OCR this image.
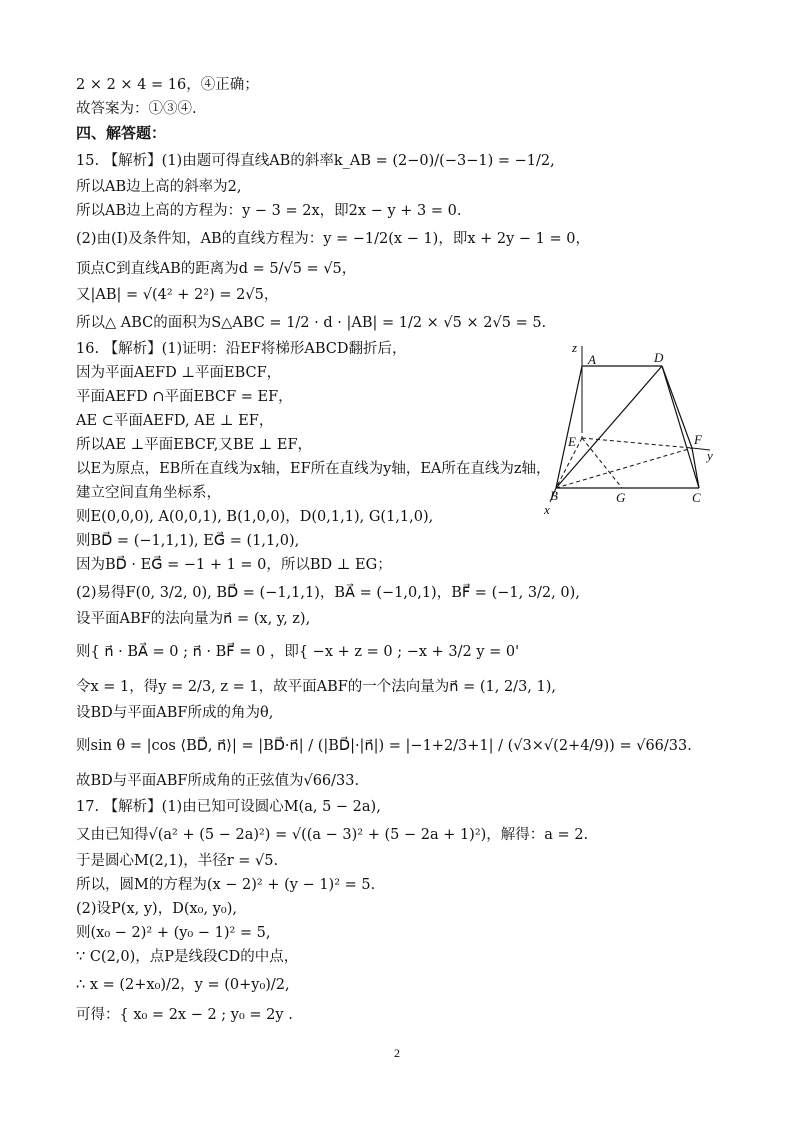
2 × 2 × 4 = 16，④正确；
故答案为：①③④.
四、解答题：
15. 【解析】(1)由题可得直线AB的斜率k_AB = (2−0)/(−3−1) = −1/2,
所以AB边上高的斜率为2,
所以AB边上高的方程为：y − 3 = 2x，即2x − y + 3 = 0.
(2)由(I)及条件知，AB的直线方程为：y = −1/2(x − 1)，即x + 2y − 1 = 0，
顶点C到直线AB的距离为d = 5/√5 = √5，
又|AB| = √(4² + 2²) = 2√5，
所以△ ABC的面积为S△ABC = 1/2 · d · |AB| = 1/2 × √5 × 2√5 = 5.
16. 【解析】(1)证明：沿EF将梯形ABCD翻折后，
因为平面AEFD ⊥平面EBCF，
平面AEFD ∩平面EBCF = EF，
AE ⊂平面AEFD, AE ⊥ EF，
所以AE ⊥平面EBCF,又BE ⊥ EF，
以E为原点，EB所在直线为x轴，EF所在直线为y轴，EA所在直线为z轴，
建立空间直角坐标系，
则E(0,0,0), A(0,0,1), B(1,0,0)，D(0,1,1), G(1,1,0),
则BD⃗ = (−1,1,1), EG⃗ = (1,1,0),
因为BD⃗ · EG⃗ = −1 + 1 = 0，所以BD ⊥ EG；
(2)易得F(0, 3/2, 0), BD⃗ = (−1,1,1)，BA⃗ = (−1,0,1)，BF⃗ = (−1, 3/2, 0),
设平面ABF的法向量为n⃗ = (x, y, z),
则{ n⃗ · BA⃗ = 0 ; n⃗ · BF⃗ = 0 ，即{ −x + z = 0 ; −x + 3/2 y = 0'
令x = 1，得y = 2/3, z = 1，故平面ABF的一个法向量为n⃗ = (1, 2/3, 1),
设BD与平面ABF所成的角为θ,
则sin θ = |cos ⟨BD⃗, n⃗⟩| = |BD⃗·n⃗| / (|BD⃗|·|n⃗|) = |−1+2/3+1| / (√3×√(2+4/9)) = √66/33.
故BD与平面ABF所成角的正弦值为√66/33.
17. 【解析】(1)由已知可设圆心M(a, 5 − 2a),
又由已知得√(a² + (5 − 2a)²) = √((a − 3)² + (5 − 2a + 1)²)，解得：a = 2.
于是圆心M(2,1)，半径r = √5.
所以，圆M的方程为(x − 2)² + (y − 1)² = 5.
(2)设P(x, y)，D(x₀, y₀),
则(x₀ − 2)² + (y₀ − 1)² = 5,
∵ C(2,0)，点P是线段CD的中点，
∴ x = (2+x₀)/2，y = (0+y₀)/2,
可得：{ x₀ = 2x − 2 ; y₀ = 2y .
z
A	D
E	F
y
B	G	C
x
2
